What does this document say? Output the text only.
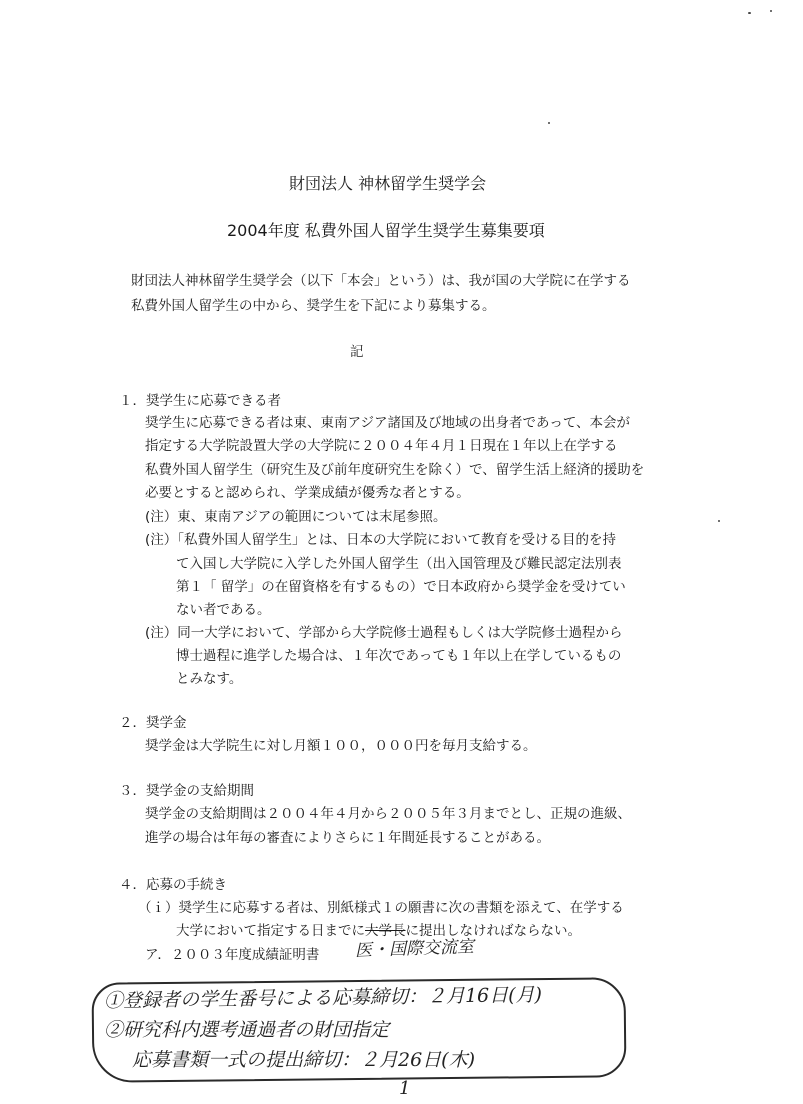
財団法人 神林留学生奨学会
2004年度 私費外国人留学生奨学生募集要項
財団法人神林留学生奨学会（以下「本会」という）は、我が国の大学院に在学する
私費外国人留学生の中から、奨学生を下記により募集する。
記
１．奨学生に応募できる者
奨学生に応募できる者は東、東南アジア諸国及び地域の出身者であって、本会が
指定する大学院設置大学の大学院に２００４年４月１日現在１年以上在学する
私費外国人留学生（研究生及び前年度研究生を除く）で、留学生活上経済的援助を
必要とすると認められ、学業成績が優秀な者とする。
(注）東、東南アジアの範囲については末尾参照。
(注）「私費外国人留学生」とは、日本の大学院において教育を受ける目的を持
て入国し大学院に入学した外国人留学生（出入国管理及び難民認定法別表
第１「 留学」の在留資格を有するもの）で日本政府から奨学金を受けてい
ない者である。
(注）同一大学において、学部から大学院修士過程もしくは大学院修士過程から
博士過程に進学した場合は、１年次であっても１年以上在学しているもの
とみなす。
２．奨学金
奨学金は大学院生に対し月額１００，０００円を毎月支給する。
３．奨学金の支給期間
奨学金の支給期間は２００４年４月から２００５年３月までとし、正規の進級、
進学の場合は年毎の審査によりさらに１年間延長することがある。
４．応募の手続き
（ｉ）奨学生に応募する者は、別紙様式１の願書に次の書類を添えて、在学する
大学において指定する日までに大学長に提出しなければならない。
ア．２００３年度成績証明書 医・国際交流室
①登録者の学生番号による応募締切：２月16日(月)
②研究科内選考通過者の財団指定
応募書類一式の提出締切：２月26日(木)
1
